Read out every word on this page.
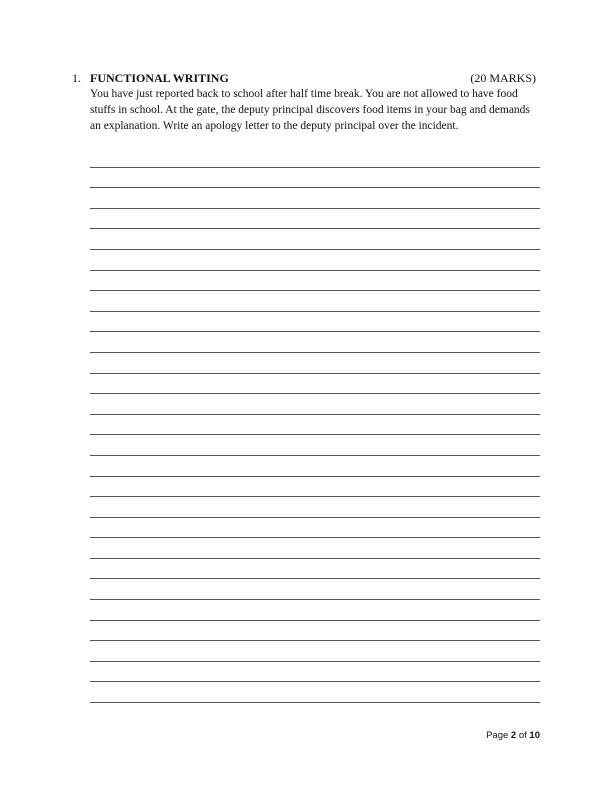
1. FUNCTIONAL WRITING	(20 MARKS)

You have just reported back to school after half time break. You are not allowed to have food stuffs in school. At the gate, the deputy principal discovers food items in your bag and demands an explanation. Write an apology letter to the deputy principal over the incident.

Page 2 of 10
